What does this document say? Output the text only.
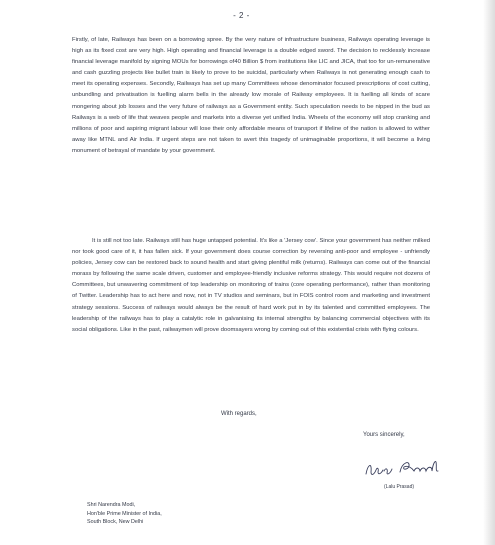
- 2 -

Firstly, of late, Railways has been on a borrowing spree. By the very nature of infrastructure business, Railways operating leverage is high as its fixed cost are very high. High operating and financial leverage is a double edged sword. The decision to recklessly increase financial leverage manifold by signing MOUs for borrowings of40 Billion $ from institutions like LIC and JICA, that too for un-remunerative and cash guzzling projects like bullet train is likely to prove to be suicidal, particularly when Railways is not generating enough cash to meet its operating expenses. Secondly, Railways has set up many Committees whose denominator focused prescriptions of cost cutting, unbundling and privatisation is fuelling alarm bells in the already low morale of Railway employees. It is fuelling all kinds of scare mongering about job losses and the very future of railways as a Government entity. Such speculation needs to be nipped in the bud as Railways is a web of life that weaves people and markets into a diverse yet unified India. Wheels of the economy will stop cranking and millions of poor and aspiring migrant labour will lose their only affordable means of transport if lifeline of the nation is allowed to wither away like MTNL and Air India. If urgent steps are not taken to avert this tragedy of unimaginable proportions, it will become a living monument of betrayal of mandate by your government.

It is still not too late. Railways still has huge untapped potential. It's like a 'Jersey cow'. Since your government has neither milked nor took good care of it, it has fallen sick. If your government does course correction by reversing anti-poor and employee - unfriendly policies, Jersey cow can be restored back to sound health and start giving plentiful milk (returns). Railways can come out of the financial morass by following the same scale driven, customer and employee-friendly inclusive reforms strategy. This would require not dozens of Committees, but unwavering commitment of top leadership on monitoring of trains (core operating performance), rather than monitoring of Twitter. Leadership has to act here and now, not in TV studios and seminars, but in FOIS control room and marketing and investment strategy sessions. Success of railways would always be the result of hard work put in by its talented and committed employees. The leadership of the railways has to play a catalytic role in galvanising its internal strengths by balancing commercial objectives with its social obligations. Like in the past, railwaymen will prove doomsayers wrong by coming out of this existential crisis with flying colours.

With regards,
Yours sincerely,
(Lalu Prasad)
Shri Narendra Modi,
Hon'ble Prime Minister of India,
South Block, New Delhi
